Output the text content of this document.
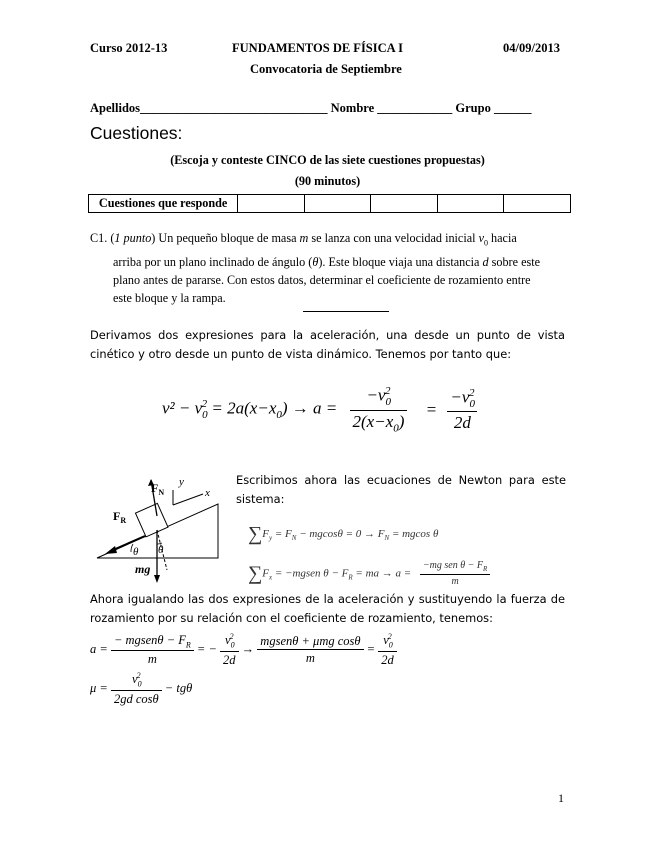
Curso 2012-13	FUNDAMENTOS DE FÍSICA I	04/09/2013
Convocatoria de Septiembre
Apellidos______________________________ Nombre ____________ Grupo ______
Cuestiones:
(Escoja y conteste CINCO de las siete cuestiones propuestas)
(90 minutos)
Cuestiones que responde					
C1. (1 punto) Un pequeño bloque de masa m se lanza con una velocidad inicial $v_0$ hacia
arriba por un plano inclinado de ángulo (θ). Este bloque viaja una distancia d sobre este
plano antes de pararse. Con estos datos, determinar el coeficiente de rozamiento entre
este bloque y la rampa.
Derivamos dos expresiones para la aceleración, una desde un punto de vista cinético y otro desde un punto de vista dinámico. Tenemos por tanto que:
$v^2 - v_0^2 = 2a(x-x_0) \to a = \frac{-v_0^2}{2(x-x_0)} = \frac{-v_0^2}{2d}$
$F_N$
$F_R$
y
x
θ θ
mg
Escribimos ahora las ecuaciones de Newton para este sistema:
$\sum F_y = F_N - mgcos\theta = 0 \to F_N = mgcos$ θ
$\sum F_x$ = −mgsen $\theta - F_R$ = ma → $a = \frac{-mg sen \theta - F_R}{m}$
Ahora igualando las dos expresiones de la aceleración y sustituyendo la fuerza de rozamiento por su relación con el coeficiente de rozamiento, tenemos:
$a = \frac{- mgsen\theta - F_R}{m}$ = − $\frac{v_0^2}{2d} \to \frac{\text{mgsenθ + μmg cosθ}}{m} = \frac{v_0^2}{2d}$
$\mu = \frac{v_0^2}{\text{2gd cosθ}} - tg\theta$
1
